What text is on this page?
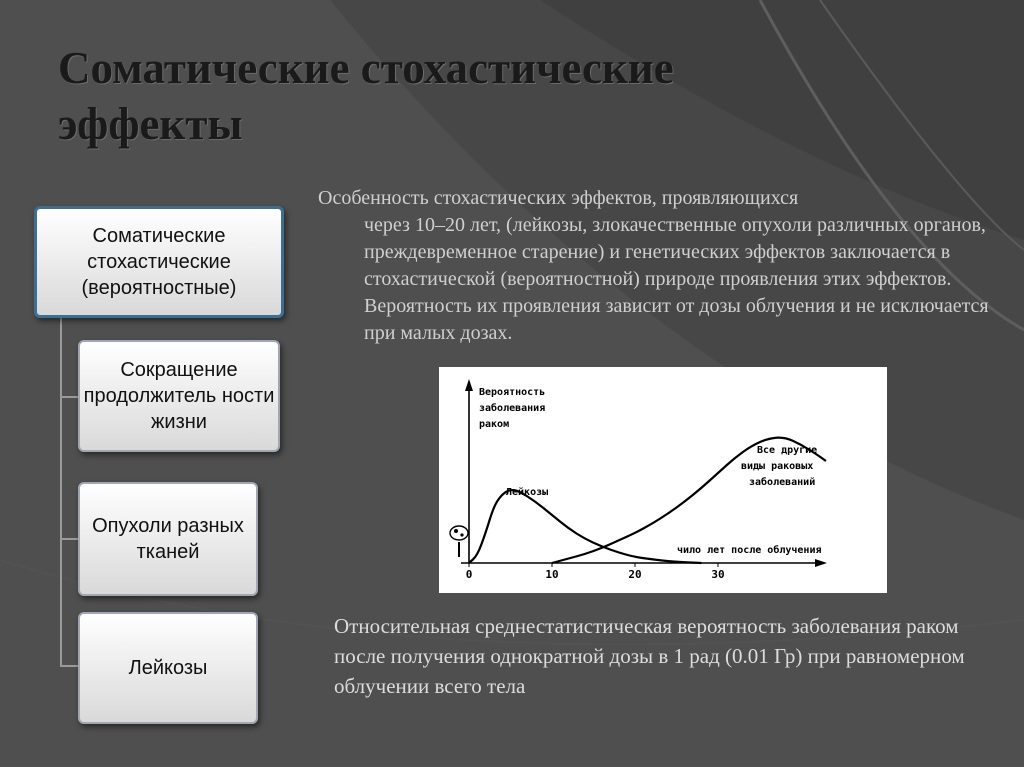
Соматические стохастические эффекты
Соматические стохастические (вероятностные)
Сокращение продолжитель ности жизни
Опухоли разных тканей
Лейкозы
Особенность стохастических эффектов, проявляющихся
через 10–20 лет, (лейкозы, злокачественные опухоли различных органов, преждевременное старение) и генетических эффектов заключается в стохастической (вероятностной) природе проявления этих эффектов. Вероятность их проявления зависит от дозы облучения и не исключается при малых дозах.
Вероятность заболевания раком
Лейкозы
Все другие виды раковых заболеваний
чило лет после облучения
0	10	20	30
Относительная среднестатистическая вероятность заболевания раком после получения однократной дозы в 1 рад (0.01 Гр) при равномерном облучении всего тела
